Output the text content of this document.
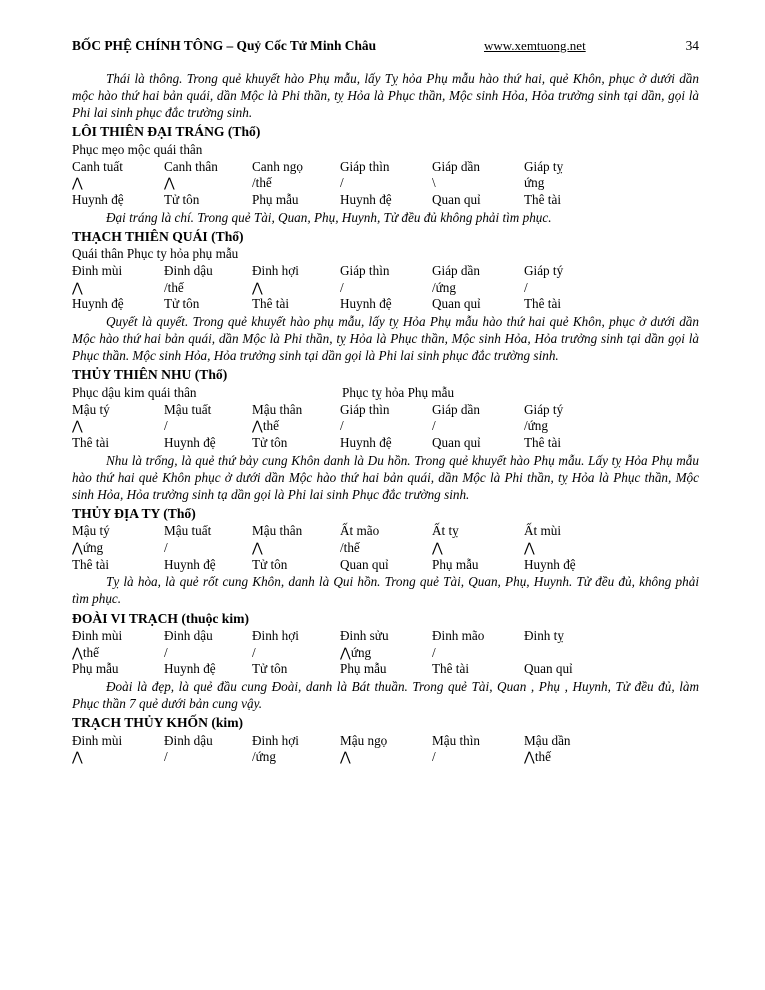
BỐC PHỆ CHÍNH TÔNG – Quỷ Cốc Tử Minh Châu	www.xemtuong.net	34

Thái là thông. Trong quẻ khuyết hào Phụ mẫu, lấy Tỵ hỏa Phụ mẫu hào thứ hai, quẻ Khôn, phục ở dưới dần mộc hào thứ hai bản quái, dần Mộc là Phi thần, tỵ Hỏa là Phục thần, Mộc sinh Hỏa, Hỏa trưởng sinh tại dần, gọi là Phi lai sinh phục đắc trường sinh.

LÔI THIÊN ĐẠI TRÁNG (Thổ)

Phục mẹo mộc quái thân

Canh tuất	Canh thân	Canh ngọ	Giáp thìn	Giáp dần	Giáp tỵ
⋀	⋀	/thế	/	\	ứng
Huynh đệ	Tử tôn	Phụ mẫu	Huynh đệ	Quan quỉ	Thê tài

Đại tráng là chí. Trong quẻ Tài, Quan, Phụ, Huynh, Tử đều đủ không phải tìm phục.

THẠCH THIÊN QUÁI (Thổ)

Quái thân Phục ty hỏa phụ mẫu

Đinh mùi	Đinh dậu	Đinh hợi	Giáp thìn	Giáp dần	Giáp tý
⋀	/thế	⋀	/	/ứng	/
Huynh đệ	Tử tôn	Thê tài	Huynh đệ	Quan quỉ	Thê tài

Quyết là quyết. Trong quẻ khuyết hào phụ mẫu, lấy tỵ Hỏa Phụ mẫu hào thứ hai quẻ Khôn, phục ở dưới dần Mộc hào thứ hai bản quái, dần Mộc là Phi thần, tỵ Hỏa là Phục thần, Mộc sinh Hỏa, Hỏa trưởng sinh tại dần gọi là Phục thần. Mộc sinh Hỏa, Hỏa trưởng sinh tại dần gọi là Phi lai sinh phục đắc trường sinh.

THỦY THIÊN NHU (Thổ)
Phục dậu kim quái thân	Phục tỵ hỏa Phụ mẫu
Mậu tý	Mậu tuất	Mậu thân	Giáp thìn	Giáp dần	Giáp tý
⋀	/	⋀thế	/	/	/ứng
Thê tài	Huynh đệ	Tử tôn	Huynh đệ	Quan quỉ	Thê tài

Nhu là trống, là quẻ thứ bảy cung Khôn danh là Du hồn. Trong quẻ khuyết hào Phụ mẫu. Lấy tỵ Hỏa Phụ mẫu hào thứ hai quẻ Khôn phục ở dưới dần Mộc hào thứ hai bản quái, dần Mộc là Phi thần, tỵ Hỏa là Phục thần, Mộc sinh Hỏa, Hỏa trưởng sinh tạ dần gọi là Phi lai sinh Phục đắc trường sinh.

THỦY ĐỊA TY (Thổ)
Mậu tý	Mậu tuất	Mậu thân	Ất mão	Ất tỵ	Ất mùi
⋀ứng	/	⋀	/thế	⋀	⋀
Thê tài	Huynh đệ	Tử tôn	Quan quỉ	Phụ mẫu	Huynh đệ

Tỵ là hòa, là quẻ rốt cung Khôn, danh là Qui hồn. Trong quẻ Tài, Quan, Phụ, Huynh. Tử đều đủ, không phải tìm phục.

ĐOÀI VI TRẠCH (thuộc kim)
Đinh mùi	Đinh dậu	Đinh hợi	Đinh sửu	Đinh mão	Đinh tỵ
⋀thế	/	/	⋀ứng	/
Phụ mẫu	Huynh đệ	Tử tôn	Phụ mẫu	Thê tài	Quan quỉ

Đoài là đẹp, là quẻ đầu cung Đoài, danh là Bát thuần. Trong quẻ Tài, Quan , Phụ , Huynh, Tử đều đủ, làm Phục thần 7 quẻ dưới bản cung vậy.

TRẠCH THỦY KHỐN (kim)
Đinh mùi	Đinh dậu	Đinh hợi	Mậu ngọ	Mậu thìn	Mậu dần
⋀	/	/ứng	⋀	/	⋀thế
